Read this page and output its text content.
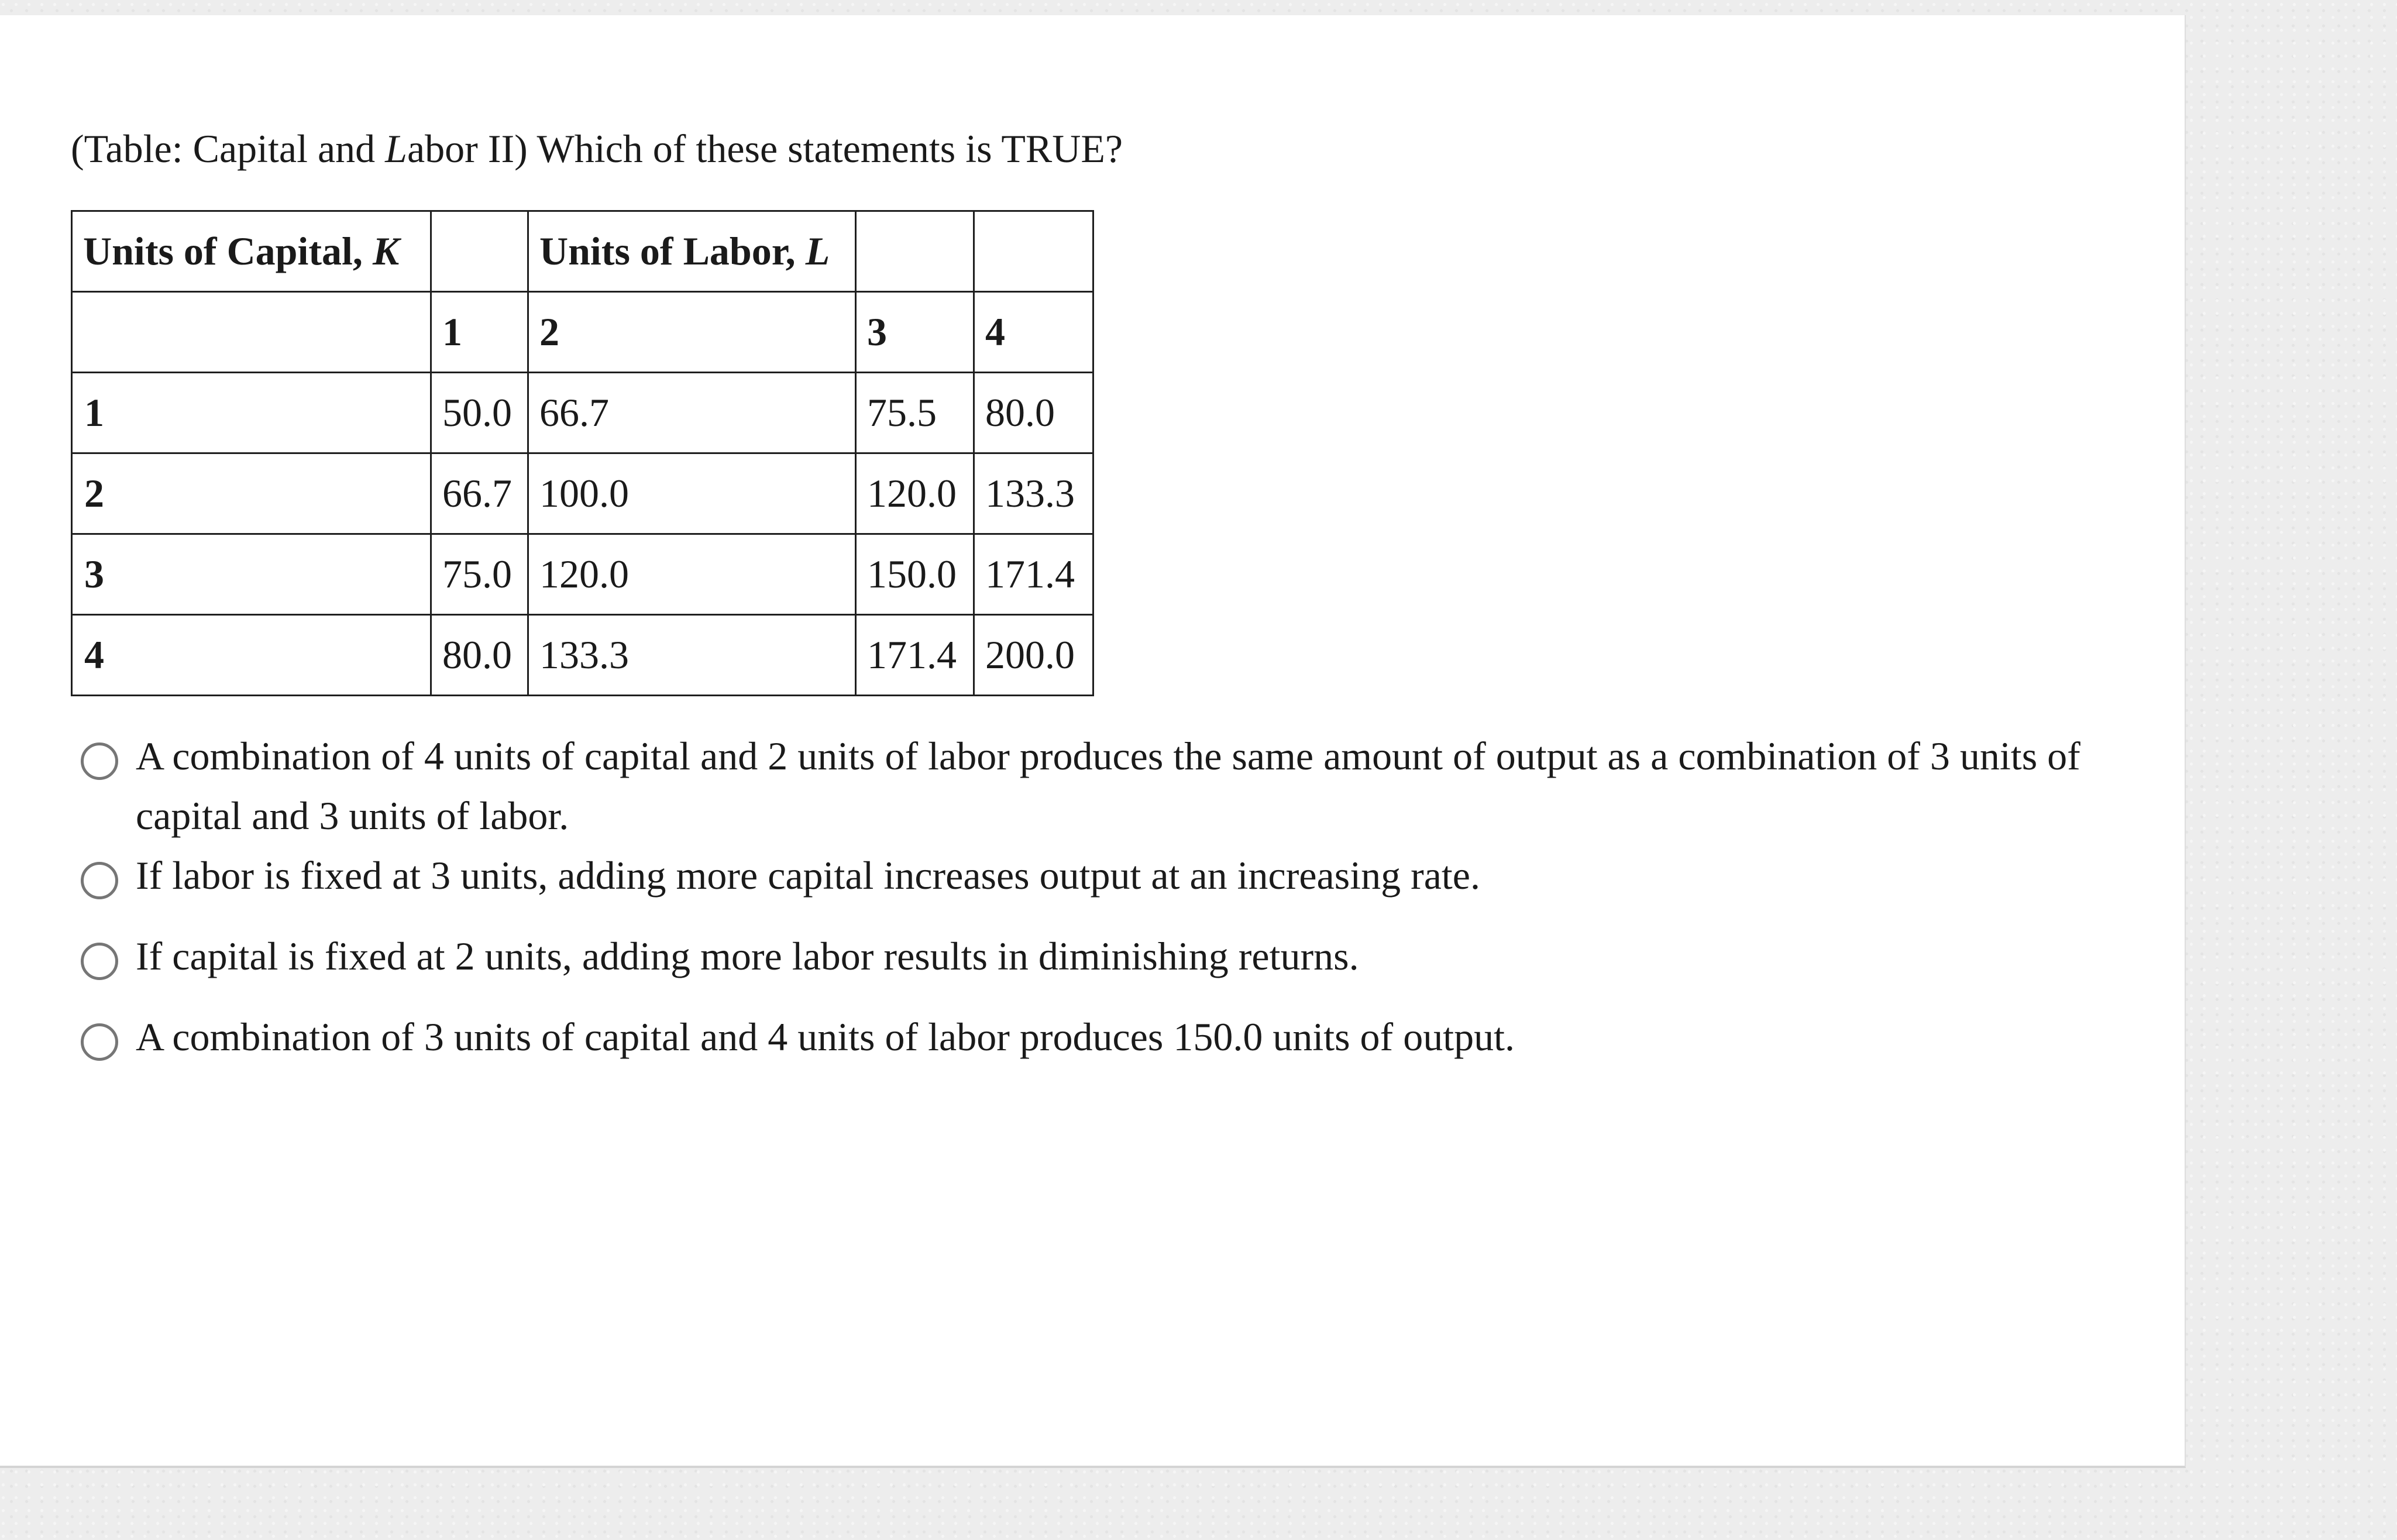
(Table: Capital and Labor II) Which of these statements is TRUE?
Units of Capital, K		Units of Labor, L		
	1	2	3	4
1	50.0	66.7	75.5	80.0
2	66.7	100.0	120.0	133.3
3	75.0	120.0	150.0	171.4
4	80.0	133.3	171.4	200.0
A combination of 4 units of capital and 2 units of labor produces the same amount of output as a combination of 3 units of capital and 3 units of labor.
If labor is fixed at 3 units, adding more capital increases output at an increasing rate.
If capital is fixed at 2 units, adding more labor results in diminishing returns.
A combination of 3 units of capital and 4 units of labor produces 150.0 units of output.
